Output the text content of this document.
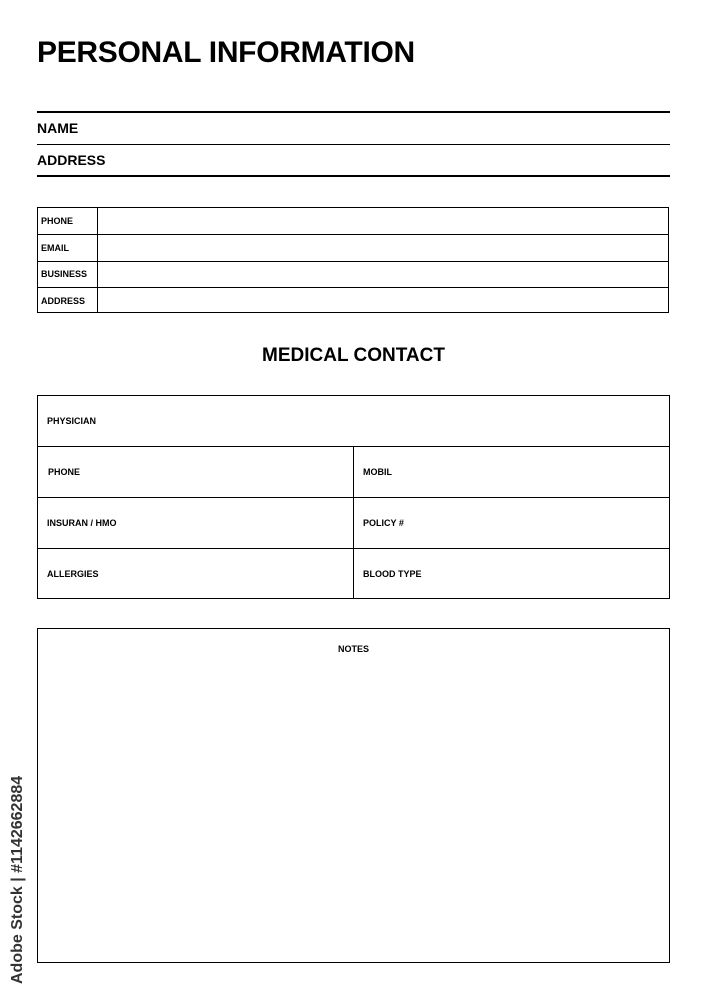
PERSONAL INFORMATION
NAME
ADDRESS
PHONE
EMAIL
BUSINESS
ADDRESS
MEDICAL CONTACT
PHYSICIAN
PHONE	MOBIL
INSURAN / HMO	POLICY #
ALLERGIES	BLOOD TYPE
NOTES
Adobe Stock | #1142662884
